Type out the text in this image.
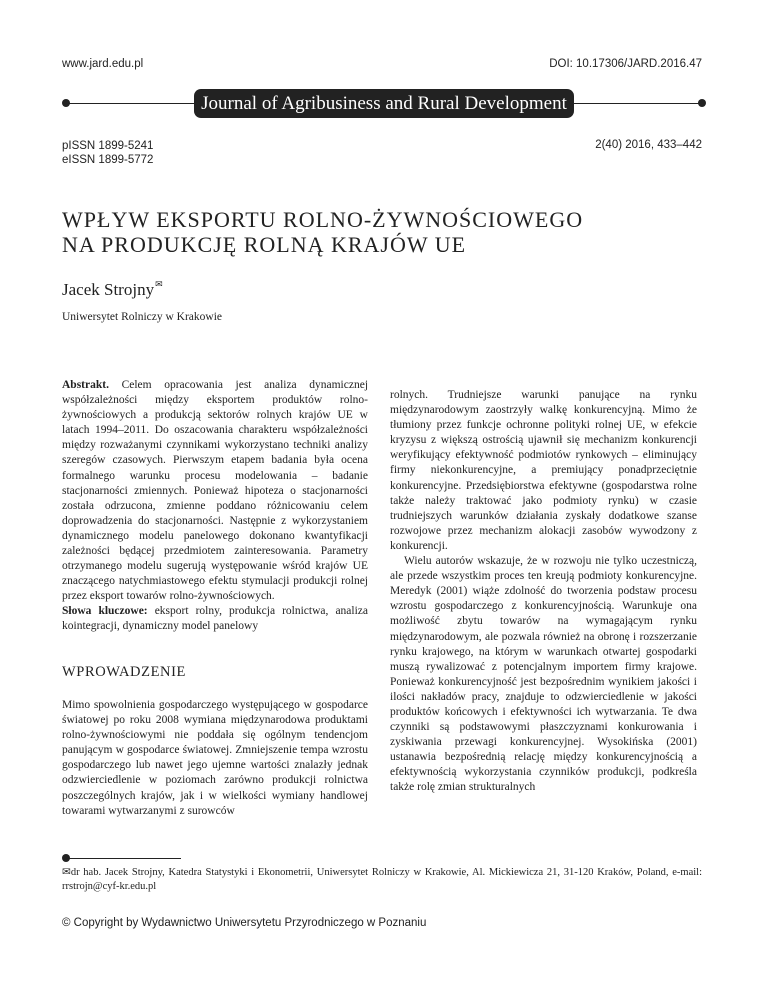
www.jard.edu.pl	DOI: 10.17306/JARD.2016.47
Journal of Agribusiness and Rural Development
pISSN 1899-5241
eISSN 1899-5772
2(40) 2016, 433–442
WPŁYW EKSPORTU ROLNO-ŻYWNOŚCIOWEGO
NA PRODUKCJĘ ROLNĄ KRAJÓW UE
Jacek Strojny✉
Uniwersytet Rolniczy w Krakowie

Abstrakt. Celem opracowania jest analiza dynamicznej współzależności między eksportem produktów rolno-żywnościowych a produkcją sektorów rolnych krajów UE w latach 1994–2011. Do oszacowania charakteru współzależności między rozważanymi czynnikami wykorzystano techniki analizy szeregów czasowych. Pierwszym etapem badania była ocena formalnego warunku procesu modelowania – badanie stacjonarności zmiennych. Ponieważ hipoteza o stacjonarności została odrzucona, zmienne poddano różnicowaniu celem doprowadzenia do stacjonarności. Następnie z wykorzystaniem dynamicznego modelu panelowego dokonano kwantyfikacji zależności będącej przedmiotem zainteresowania. Parametry otrzymanego modelu sugerują występowanie wśród krajów UE znaczącego natychmiastowego efektu stymulacji produkcji rolnej przez eksport towarów rolno-żywnościowych.

Słowa kluczowe: eksport rolny, produkcja rolnictwa, analiza kointegracji, dynamiczny model panelowy

WPROWADZENIE

Mimo spowolnienia gospodarczego występującego w gospodarce światowej po roku 2008 wymiana międzynarodowa produktami rolno-żywnościowymi nie poddała się ogólnym tendencjom panującym w gospodarce światowej. Zmniejszenie tempa wzrostu gospodarczego lub nawet jego ujemne wartości znalazły jednak odzwierciedlenie w poziomach zarówno produkcji rolnictwa poszczególnych krajów, jak i w wielkości wymiany handlowej towarami wytwarzanymi z surowców

rolnych. Trudniejsze warunki panujące na rynku międzynarodowym zaostrzyły walkę konkurencyjną. Mimo że tłumiony przez funkcje ochronne polityki rolnej UE, w efekcie kryzysu z większą ostrością ujawnił się mechanizm konkurencji weryfikujący efektywność podmiotów rynkowych – eliminujący firmy niekonkurencyjne, a premiujący ponadprzeciętnie konkurencyjne. Przedsiębiorstwa efektywne (gospodarstwa rolne także należy traktować jako podmioty rynku) w czasie trudniejszych warunków działania zyskały dodatkowe szanse rozwojowe przez mechanizm alokacji zasobów wywodzony z konkurencji.

Wielu autorów wskazuje, że w rozwoju nie tylko uczestniczą, ale przede wszystkim proces ten kreują podmioty konkurencyjne. Meredyk (2001) wiąże zdolność do tworzenia podstaw procesu wzrostu gospodarczego z konkurencyjnością. Warunkuje ona możliwość zbytu towarów na wymagającym rynku międzynarodowym, ale pozwala również na obronę i rozszerzanie rynku krajowego, na którym w warunkach otwartej gospodarki muszą rywalizować z potencjalnym importem firmy krajowe. Ponieważ konkurencyjność jest bezpośrednim wynikiem jakości i ilości nakładów pracy, znajduje to odzwierciedlenie w jakości produktów końcowych i efektywności ich wytwarzania. Te dwa czynniki są podstawowymi płaszczyznami konkurowania i zyskiwania przewagi konkurencyjnej. Wysokińska (2001) ustanawia bezpośrednią relację między konkurencyjnością a efektywnością wykorzystania czynników produkcji, podkreśla także rolę zmian strukturalnych

✉dr hab. Jacek Strojny, Katedra Statystyki i Ekonometrii, Uniwersytet Rolniczy w Krakowie, Al. Mickiewicza 21, 31-120 Kraków, Poland, e-mail: rrstrojn@cyf-kr.edu.pl
© Copyright by Wydawnictwo Uniwersytetu Przyrodniczego w Poznaniu
